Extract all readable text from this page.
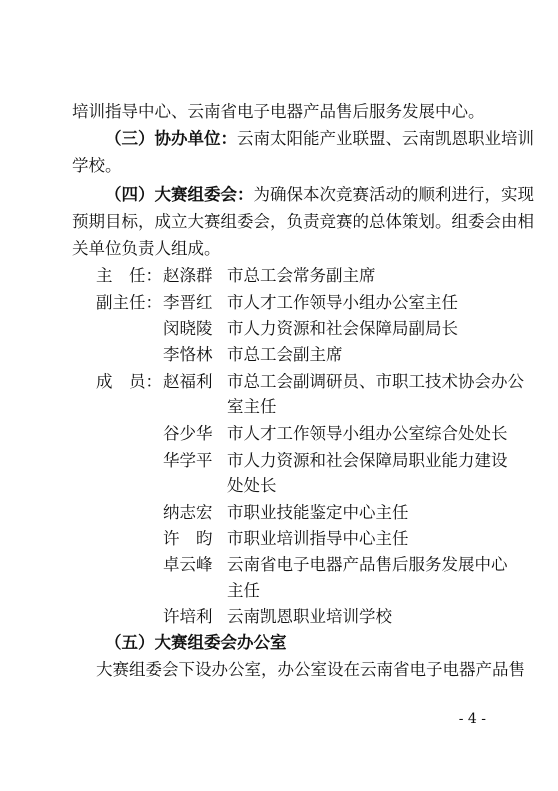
培训指导中心、云南省电子电器产品售后服务发展中心。
（三）协办单位：云南太阳能产业联盟、云南凯恩职业培训
学校。
（四）大赛组委会：为确保本次竞赛活动的顺利进行，实现
预期目标，成立大赛组委会，负责竞赛的总体策划。组委会由相
关单位负责人组成。
主　任： 赵涤群 市总工会常务副主席
副主任： 李晋红 市人才工作领导小组办公室主任
闵晓陵 市人力资源和社会保障局副局长
李恪林 市总工会副主席
成　员： 赵福利 市总工会副调研员、市职工技术协会办公
室主任
谷少华 市人才工作领导小组办公室综合处处长
华学平 市人力资源和社会保障局职业能力建设
处处长
纳志宏 市职业技能鉴定中心主任
许　昀 市职业培训指导中心主任
卓云峰 云南省电子电器产品售后服务发展中心
主任
许培利 云南凯恩职业培训学校
（五）大赛组委会办公室
大赛组委会下设办公室，办公室设在云南省电子电器产品售
- 4 -
